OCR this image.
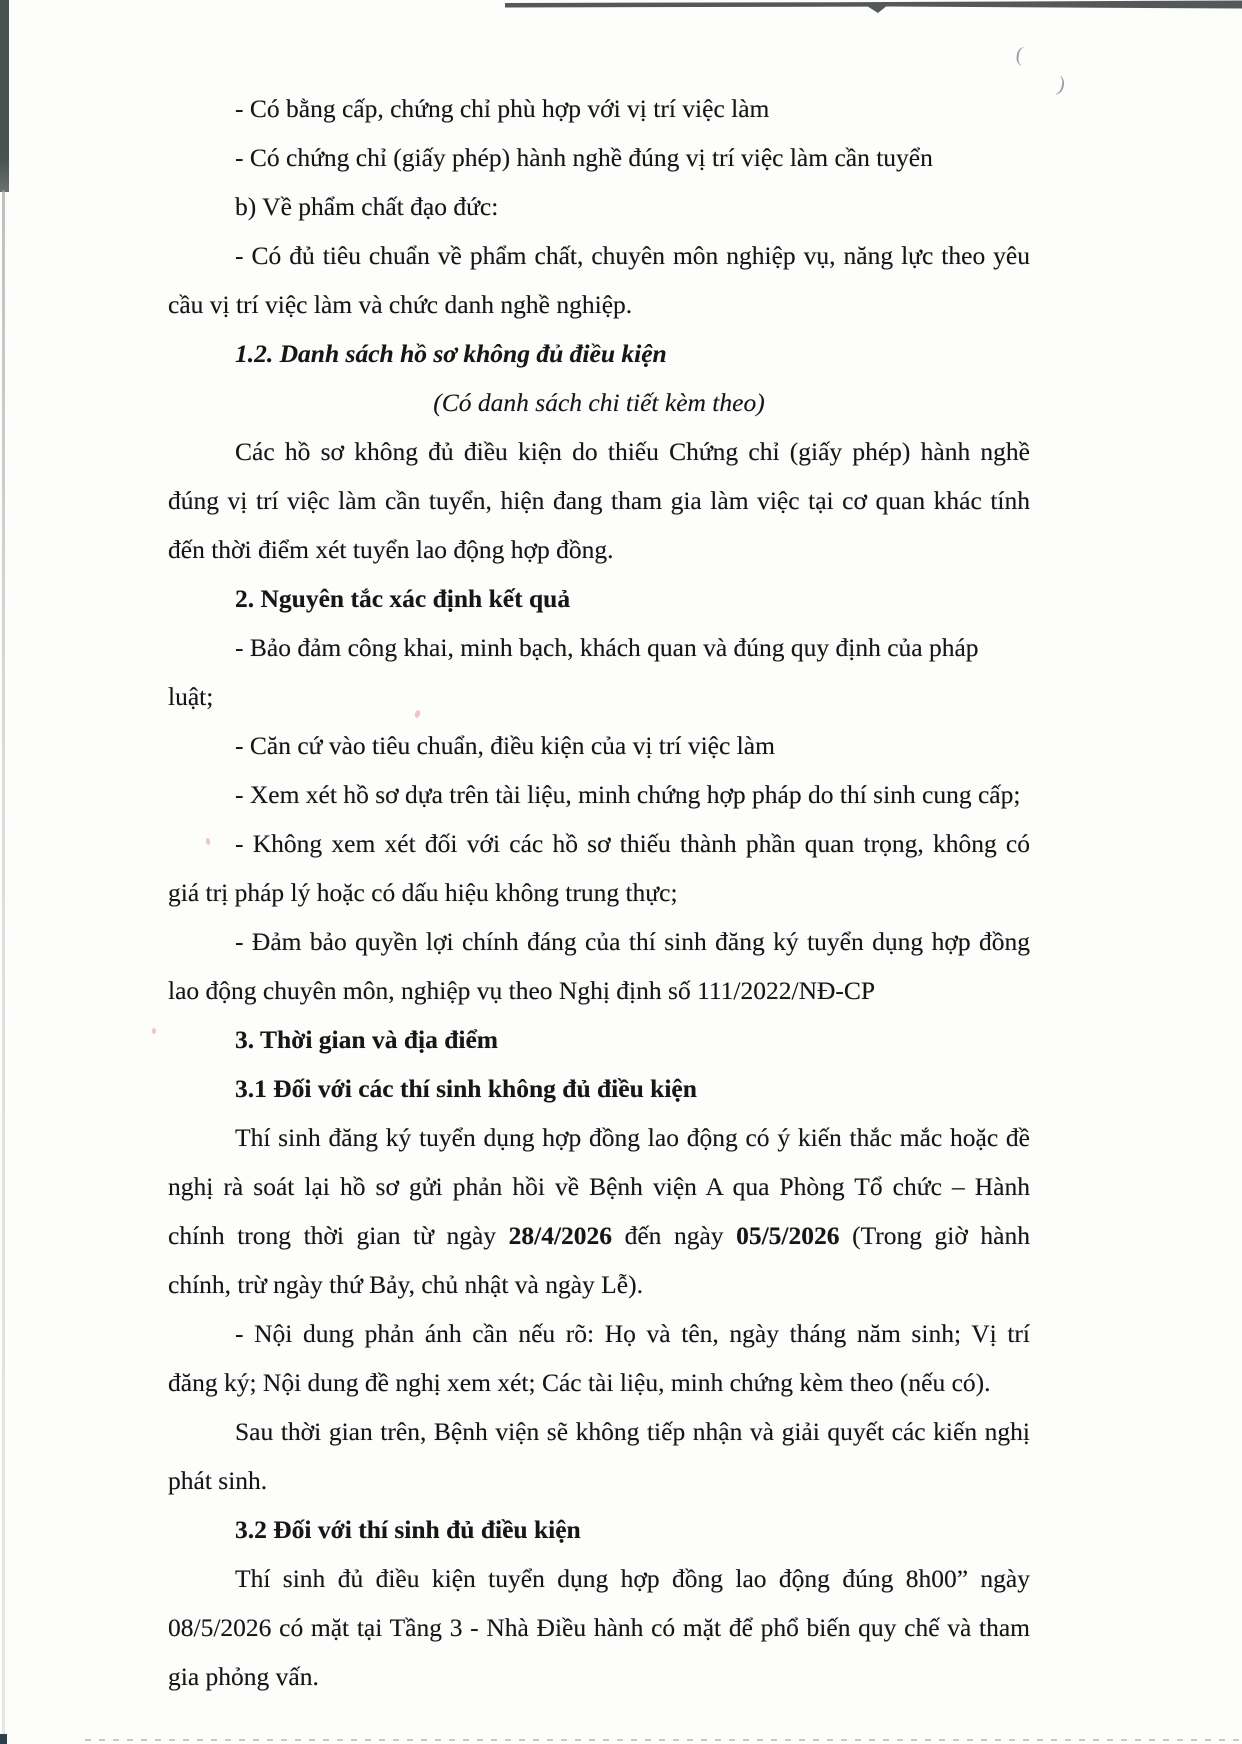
(
)
- Có bằng cấp, chứng chỉ phù hợp với vị trí việc làm
- Có chứng chỉ (giấy phép) hành nghề đúng vị trí việc làm cần tuyển
b) Về phẩm chất đạo đức:
- Có đủ tiêu chuẩn về phẩm chất, chuyên môn nghiệp vụ, năng lực theo yêu
cầu vị trí việc làm và chức danh nghề nghiệp.
1.2. Danh sách hồ sơ không đủ điều kiện
(Có danh sách chi tiết kèm theo)
Các hồ sơ không đủ điều kiện do thiếu Chứng chỉ (giấy phép) hành nghề
đúng vị trí việc làm cần tuyển, hiện đang tham gia làm việc tại cơ quan khác tính
đến thời điểm xét tuyển lao động hợp đồng.
2. Nguyên tắc xác định kết quả
- Bảo đảm công khai, minh bạch, khách quan và đúng quy định của pháp luật;
- Căn cứ vào tiêu chuẩn, điều kiện của vị trí việc làm
- Xem xét hồ sơ dựa trên tài liệu, minh chứng hợp pháp do thí sinh cung cấp;
- Không xem xét đối với các hồ sơ thiếu thành phần quan trọng, không có
giá trị pháp lý hoặc có dấu hiệu không trung thực;
- Đảm bảo quyền lợi chính đáng của thí sinh đăng ký tuyển dụng hợp đồng
lao động chuyên môn, nghiệp vụ theo Nghị định số 111/2022/NĐ-CP
3. Thời gian và địa điểm
3.1 Đối với các thí sinh không đủ điều kiện
Thí sinh đăng ký tuyển dụng hợp đồng lao động có ý kiến thắc mắc hoặc đề
nghị rà soát lại hồ sơ gửi phản hồi về Bệnh viện A qua Phòng Tổ chức – Hành
chính trong thời gian từ ngày 28/4/2026 đến ngày 05/5/2026 (Trong giờ hành
chính, trừ ngày thứ Bảy, chủ nhật và ngày Lễ).
- Nội dung phản ánh cần nếu rõ: Họ và tên, ngày tháng năm sinh; Vị trí
đăng ký; Nội dung đề nghị xem xét; Các tài liệu, minh chứng kèm theo (nếu có).
Sau thời gian trên, Bệnh viện sẽ không tiếp nhận và giải quyết các kiến nghị
phát sinh.
3.2 Đối với thí sinh đủ điều kiện
Thí sinh đủ điều kiện tuyển dụng hợp đồng lao động đúng 8h00” ngày
08/5/2026 có mặt tại Tầng 3 - Nhà Điều hành có mặt để phổ biến quy chế và tham
gia phỏng vấn.
